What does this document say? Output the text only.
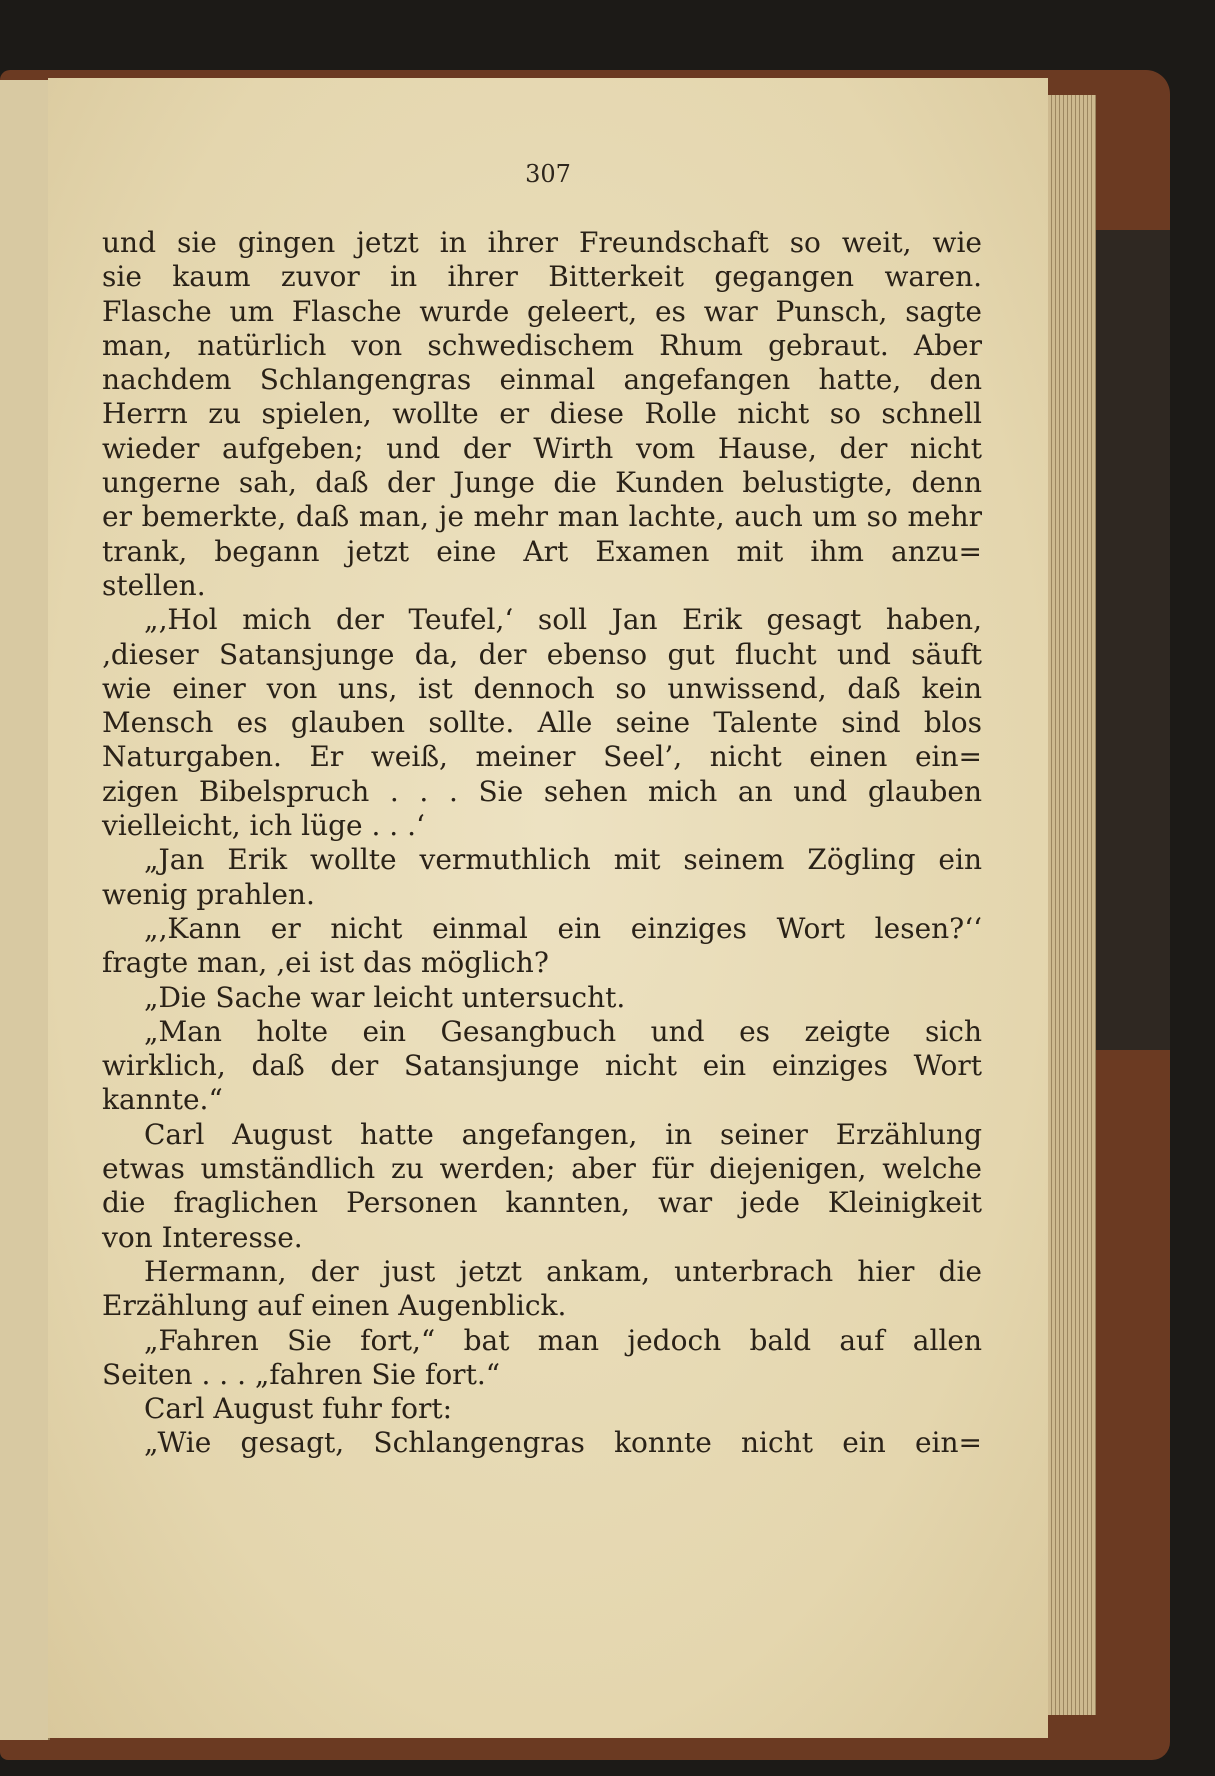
307
und sie gingen jetzt in ihrer Freundschaft so weit, wie
sie kaum zuvor in ihrer Bitterkeit gegangen waren.
Flasche um Flasche wurde geleert, es war Punsch, sagte
man, natürlich von schwedischem Rhum gebraut. Aber
nachdem Schlangengras einmal angefangen hatte, den
Herrn zu spielen, wollte er diese Rolle nicht so schnell
wieder aufgeben; und der Wirth vom Hause, der nicht
ungerne sah, daß der Junge die Kunden belustigte, denn
er bemerkte, daß man, je mehr man lachte, auch um so mehr
trank, begann jetzt eine Art Examen mit ihm anzu=
stellen.
„‚Hol mich der Teufel,‘ soll Jan Erik gesagt haben,
‚dieser Satansjunge da, der ebenso gut flucht und säuft
wie einer von uns, ist dennoch so unwissend, daß kein
Mensch es glauben sollte. Alle seine Talente sind blos
Naturgaben. Er weiß, meiner Seel’, nicht einen ein=
zigen Bibelspruch . . . Sie sehen mich an und glauben
vielleicht, ich lüge . . .‘
„Jan Erik wollte vermuthlich mit seinem Zögling ein
wenig prahlen.
„‚Kann er nicht einmal ein einziges Wort lesen?‘‘
fragte man, ‚ei ist das möglich?
„Die Sache war leicht untersucht.
„Man holte ein Gesangbuch und es zeigte sich
wirklich, daß der Satansjunge nicht ein einziges Wort
kannte.“
Carl August hatte angefangen, in seiner Erzählung
etwas umständlich zu werden; aber für diejenigen, welche
die fraglichen Personen kannten, war jede Kleinigkeit
von Interesse.
Hermann, der just jetzt ankam, unterbrach hier die
Erzählung auf einen Augenblick.
„Fahren Sie fort,“ bat man jedoch bald auf allen
Seiten . . . „fahren Sie fort.“
Carl August fuhr fort:
„Wie gesagt, Schlangengras konnte nicht ein ein=
